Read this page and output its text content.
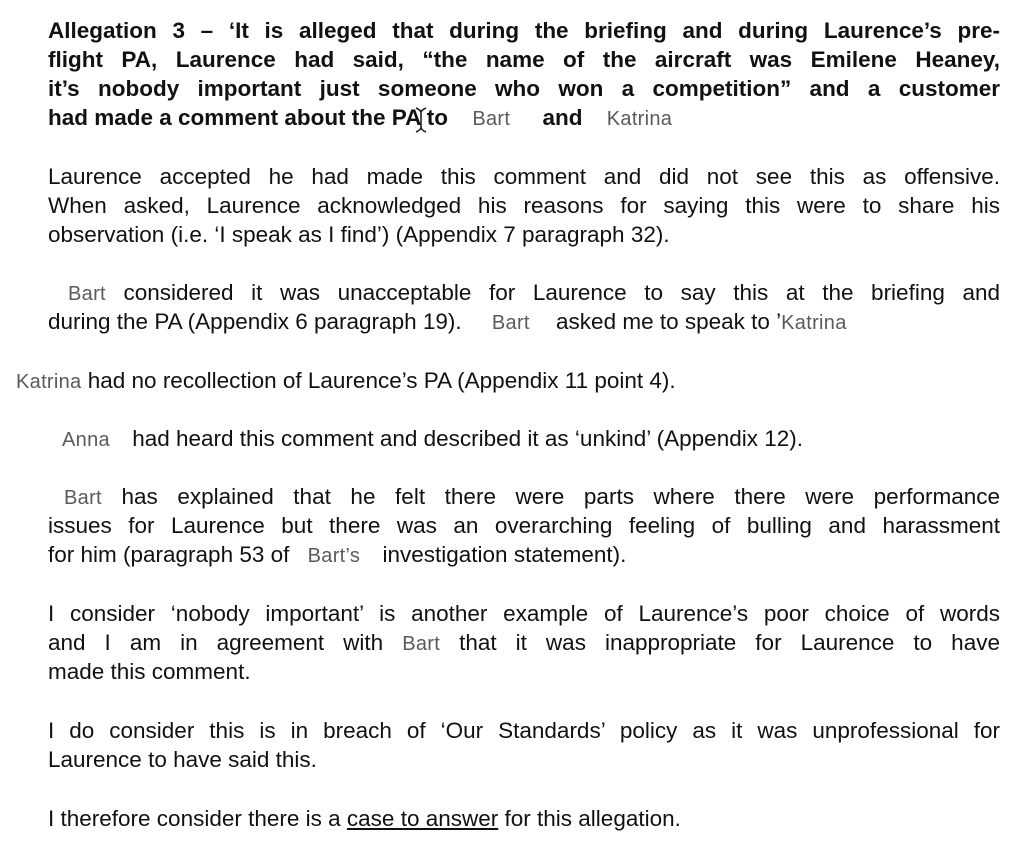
Allegation 3 – ‘It is alleged that during the briefing and during Laurence’s pre-
flight PA, Laurence had said, “the name of the aircraft was Emilene Heaney,
it’s nobody important just someone who won a competition” and a customer
had made a comment about the PA to Bart and Katrina
Laurence accepted he had made this comment and did not see this as offensive.
When asked, Laurence acknowledged his reasons for saying this were to share his
observation (i.e. ‘I speak as I find’) (Appendix 7 paragraph 32).
Bart considered it was unacceptable for Laurence to say this at the briefing and
during the PA (Appendix 6 paragraph 19). Bart asked me to speak to ’Katrina
Katrina had no recollection of Laurence’s PA (Appendix 11 point 4).
Anna had heard this comment and described it as ‘unkind’ (Appendix 12).
Bart has explained that he felt there were parts where there were performance
issues for Laurence but there was an overarching feeling of bulling and harassment
for him (paragraph 53 of Bart’s investigation statement).
I consider ‘nobody important’ is another example of Laurence’s poor choice of words
and I am in agreement with Bart that it was inappropriate for Laurence to have
made this comment.
I do consider this is in breach of ‘Our Standards’ policy as it was unprofessional for
Laurence to have said this.
I therefore consider there is a case to answer for this allegation.
